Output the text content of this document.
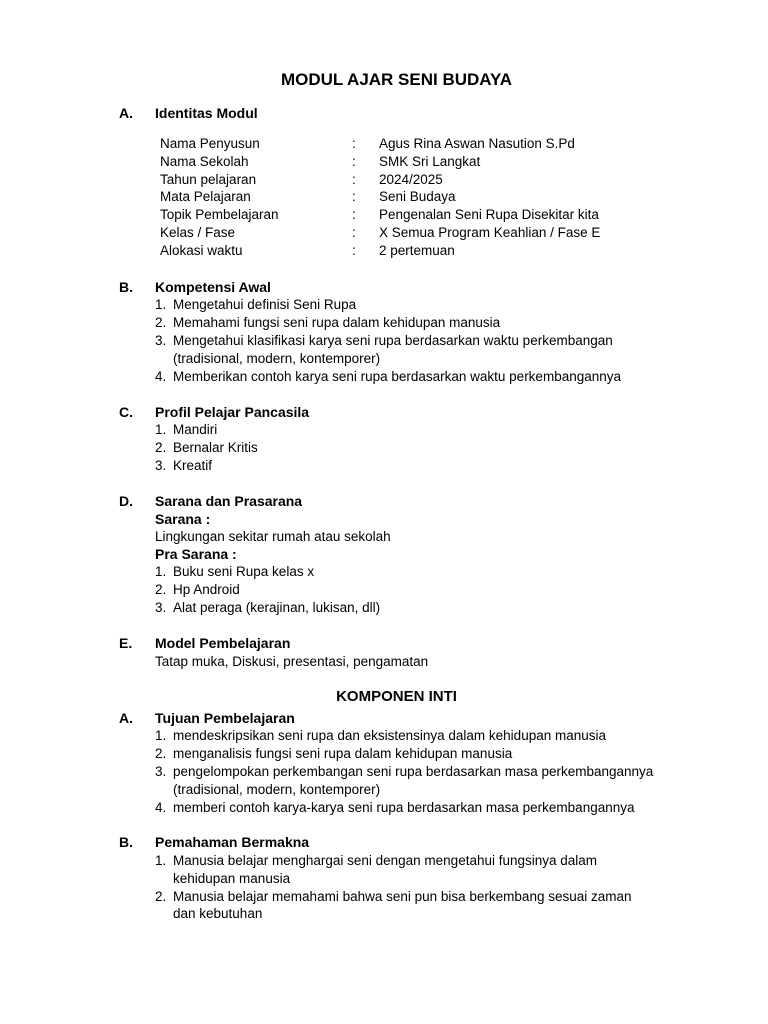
MODUL AJAR SENI BUDAYA
A. Identitas Modul
Nama Penyusun	: Agus Rina Aswan Nasution S.Pd
Nama Sekolah	: SMK Sri Langkat
Tahun pelajaran	: 2024/2025
Mata Pelajaran	: Seni Budaya
Topik Pembelajaran	: Pengenalan Seni Rupa Disekitar kita
Kelas / Fase	: X Semua Program Keahlian / Fase E
Alokasi waktu	: 2 pertemuan
B. Kompetensi Awal
1. Mengetahui definisi Seni Rupa
2. Memahami fungsi seni rupa dalam kehidupan manusia
3. Mengetahui klasifikasi karya seni rupa berdasarkan waktu perkembangan
(tradisional, modern, kontemporer)
4. Memberikan contoh karya seni rupa berdasarkan waktu perkembangannya
C. Profil Pelajar Pancasila
1. Mandiri
2. Bernalar Kritis
3. Kreatif
D. Sarana dan Prasarana
Sarana :
Lingkungan sekitar rumah atau sekolah
Pra Sarana :
1. Buku seni Rupa kelas x
2. Hp Android
3. Alat peraga (kerajinan, lukisan, dll)
E. Model Pembelajaran
Tatap muka, Diskusi, presentasi, pengamatan
KOMPONEN INTI
A. Tujuan Pembelajaran
1. mendeskripsikan seni rupa dan eksistensinya dalam kehidupan manusia
2. menganalisis fungsi seni rupa dalam kehidupan manusia
3. pengelompokan perkembangan seni rupa berdasarkan masa perkembangannya
(tradisional, modern, kontemporer)
4. memberi contoh karya-karya seni rupa berdasarkan masa perkembangannya
B. Pemahaman Bermakna
1. Manusia belajar menghargai seni dengan mengetahui fungsinya dalam
kehidupan manusia
2. Manusia belajar memahami bahwa seni pun bisa berkembang sesuai zaman
dan kebutuhan
